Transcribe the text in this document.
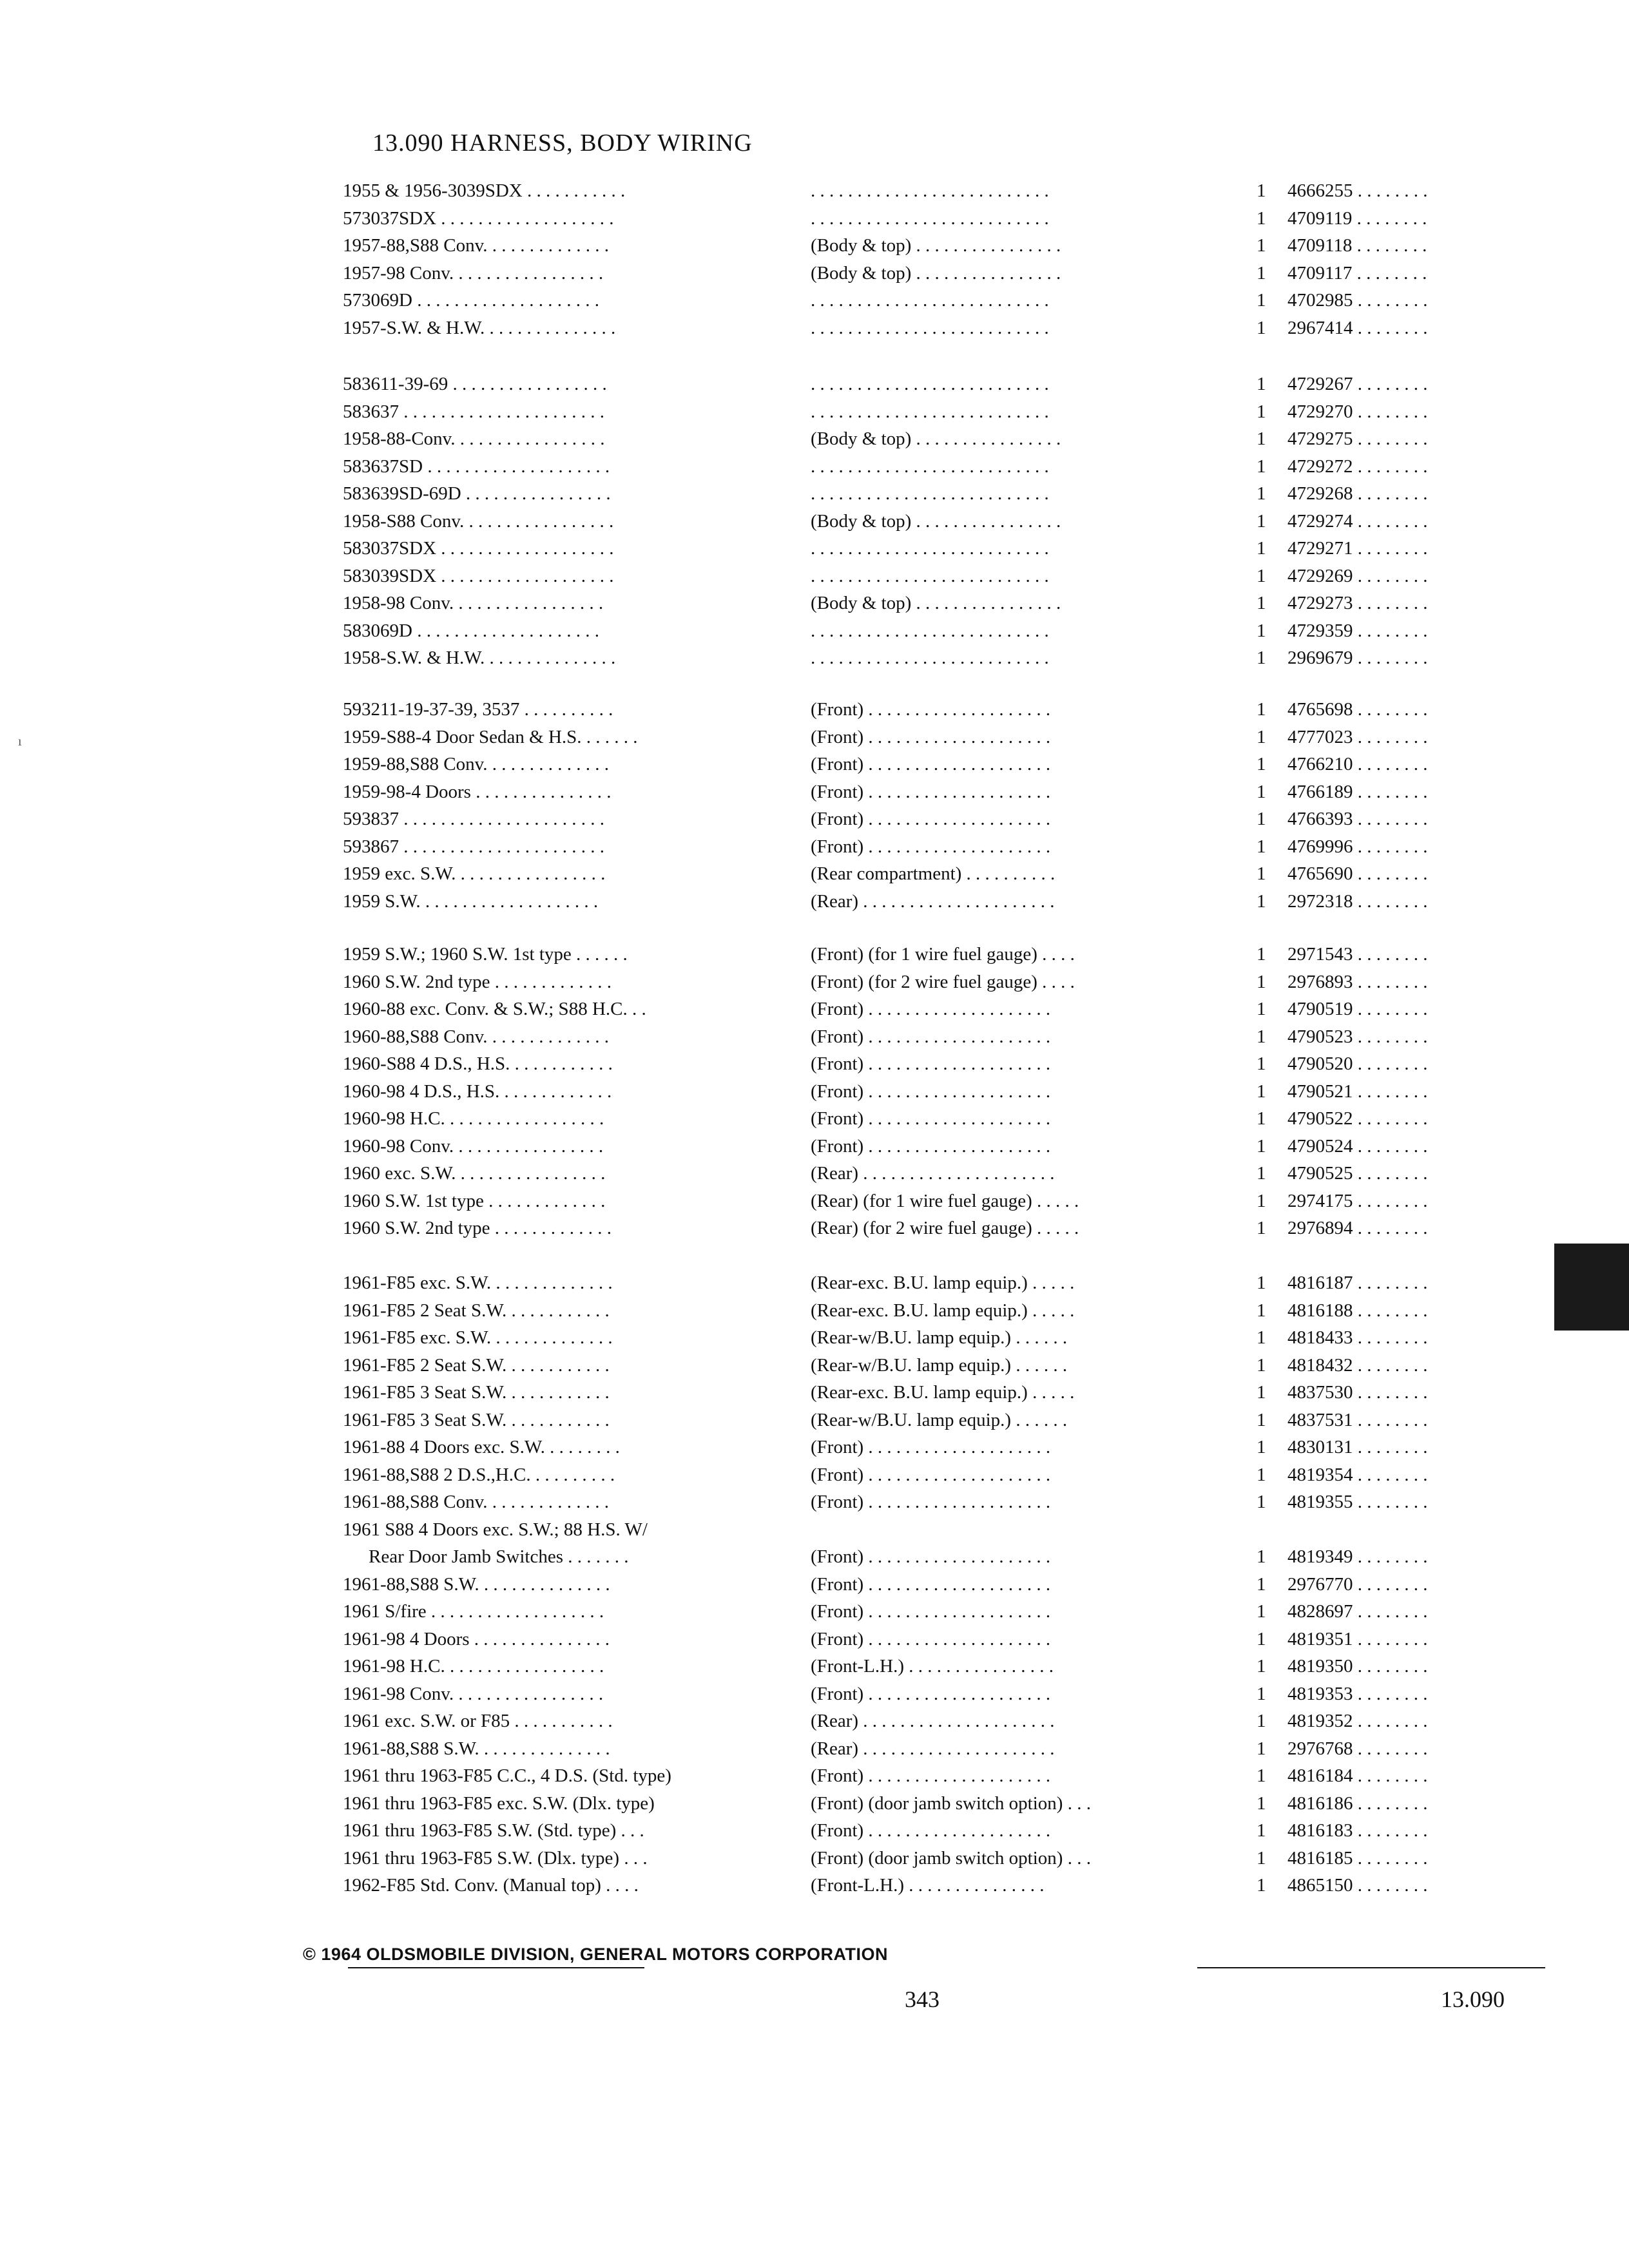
13.090 HARNESS, BODY WIRING
1955 & 1956-3039SDX . . . . . . . . . . .	. . . . . . . . . . . . . . . . . . . . . . . . . .	1	4666255 . . . . . . . .
573037SDX . . . . . . . . . . . . . . . . . . .	. . . . . . . . . . . . . . . . . . . . . . . . . .	1	4709119 . . . . . . . .
1957-88,S88 Conv. . . . . . . . . . . . . .	(Body & top) . . . . . . . . . . . . . . . .	1	4709118 . . . . . . . .
1957-98 Conv. . . . . . . . . . . . . . . . .	(Body & top) . . . . . . . . . . . . . . . .	1	4709117 . . . . . . . .
573069D . . . . . . . . . . . . . . . . . . . .	. . . . . . . . . . . . . . . . . . . . . . . . . .	1	4702985 . . . . . . . .
1957-S.W. & H.W. . . . . . . . . . . . . . .	. . . . . . . . . . . . . . . . . . . . . . . . . .	1	2967414 . . . . . . . .
583611-39-69 . . . . . . . . . . . . . . . . .	. . . . . . . . . . . . . . . . . . . . . . . . . .	1	4729267 . . . . . . . .
583637 . . . . . . . . . . . . . . . . . . . . . .	. . . . . . . . . . . . . . . . . . . . . . . . . .	1	4729270 . . . . . . . .
1958-88-Conv. . . . . . . . . . . . . . . . .	(Body & top) . . . . . . . . . . . . . . . .	1	4729275 . . . . . . . .
583637SD . . . . . . . . . . . . . . . . . . . .	. . . . . . . . . . . . . . . . . . . . . . . . . .	1	4729272 . . . . . . . .
583639SD-69D . . . . . . . . . . . . . . . .	. . . . . . . . . . . . . . . . . . . . . . . . . .	1	4729268 . . . . . . . .
1958-S88 Conv. . . . . . . . . . . . . . . . .	(Body & top) . . . . . . . . . . . . . . . .	1	4729274 . . . . . . . .
583037SDX . . . . . . . . . . . . . . . . . . .	. . . . . . . . . . . . . . . . . . . . . . . . . .	1	4729271 . . . . . . . .
583039SDX . . . . . . . . . . . . . . . . . . .	. . . . . . . . . . . . . . . . . . . . . . . . . .	1	4729269 . . . . . . . .
1958-98 Conv. . . . . . . . . . . . . . . . .	(Body & top) . . . . . . . . . . . . . . . .	1	4729273 . . . . . . . .
583069D . . . . . . . . . . . . . . . . . . . .	. . . . . . . . . . . . . . . . . . . . . . . . . .	1	4729359 . . . . . . . .
1958-S.W. & H.W. . . . . . . . . . . . . . .	. . . . . . . . . . . . . . . . . . . . . . . . . .	1	2969679 . . . . . . . .
593211-19-37-39, 3537 . . . . . . . . . .	(Front) . . . . . . . . . . . . . . . . . . . .	1	4765698 . . . . . . . .
1959-S88-4 Door Sedan & H.S. . . . . . .	(Front) . . . . . . . . . . . . . . . . . . . .	1	4777023 . . . . . . . .
1959-88,S88 Conv. . . . . . . . . . . . . .	(Front) . . . . . . . . . . . . . . . . . . . .	1	4766210 . . . . . . . .
1959-98-4 Doors . . . . . . . . . . . . . . .	(Front) . . . . . . . . . . . . . . . . . . . .	1	4766189 . . . . . . . .
593837 . . . . . . . . . . . . . . . . . . . . . .	(Front) . . . . . . . . . . . . . . . . . . . .	1	4766393 . . . . . . . .
593867 . . . . . . . . . . . . . . . . . . . . . .	(Front) . . . . . . . . . . . . . . . . . . . .	1	4769996 . . . . . . . .
1959 exc. S.W. . . . . . . . . . . . . . . . .	(Rear compartment) . . . . . . . . . .	1	4765690 . . . . . . . .
1959 S.W. . . . . . . . . . . . . . . . . . . .	(Rear) . . . . . . . . . . . . . . . . . . . . .	1	2972318 . . . . . . . .
1959 S.W.; 1960 S.W. 1st type . . . . . .	(Front) (for 1 wire fuel gauge) . . . .	1	2971543 . . . . . . . .
1960 S.W. 2nd type . . . . . . . . . . . . .	(Front) (for 2 wire fuel gauge) . . . .	1	2976893 . . . . . . . .
1960-88 exc. Conv. & S.W.; S88 H.C. . .	(Front) . . . . . . . . . . . . . . . . . . . .	1	4790519 . . . . . . . .
1960-88,S88 Conv. . . . . . . . . . . . . .	(Front) . . . . . . . . . . . . . . . . . . . .	1	4790523 . . . . . . . .
1960-S88 4 D.S., H.S. . . . . . . . . . . .	(Front) . . . . . . . . . . . . . . . . . . . .	1	4790520 . . . . . . . .
1960-98 4 D.S., H.S. . . . . . . . . . . . .	(Front) . . . . . . . . . . . . . . . . . . . .	1	4790521 . . . . . . . .
1960-98 H.C. . . . . . . . . . . . . . . . . .	(Front) . . . . . . . . . . . . . . . . . . . .	1	4790522 . . . . . . . .
1960-98 Conv. . . . . . . . . . . . . . . . .	(Front) . . . . . . . . . . . . . . . . . . . .	1	4790524 . . . . . . . .
1960 exc. S.W. . . . . . . . . . . . . . . . .	(Rear) . . . . . . . . . . . . . . . . . . . . .	1	4790525 . . . . . . . .
1960 S.W. 1st type . . . . . . . . . . . . .	(Rear) (for 1 wire fuel gauge) . . . . .	1	2974175 . . . . . . . .
1960 S.W. 2nd type . . . . . . . . . . . . .	(Rear) (for 2 wire fuel gauge) . . . . .	1	2976894 . . . . . . . .
1961-F85 exc. S.W. . . . . . . . . . . . . .	(Rear-exc. B.U. lamp equip.) . . . . .	1	4816187 . . . . . . . .
1961-F85 2 Seat S.W. . . . . . . . . . . .	(Rear-exc. B.U. lamp equip.) . . . . .	1	4816188 . . . . . . . .
1961-F85 exc. S.W. . . . . . . . . . . . . .	(Rear-w/B.U. lamp equip.) . . . . . .	1	4818433 . . . . . . . .
1961-F85 2 Seat S.W. . . . . . . . . . . .	(Rear-w/B.U. lamp equip.) . . . . . .	1	4818432 . . . . . . . .
1961-F85 3 Seat S.W. . . . . . . . . . . .	(Rear-exc. B.U. lamp equip.) . . . . .	1	4837530 . . . . . . . .
1961-F85 3 Seat S.W. . . . . . . . . . . .	(Rear-w/B.U. lamp equip.) . . . . . .	1	4837531 . . . . . . . .
1961-88 4 Doors exc. S.W. . . . . . . . .	(Front) . . . . . . . . . . . . . . . . . . . .	1	4830131 . . . . . . . .
1961-88,S88 2 D.S.,H.C. . . . . . . . . .	(Front) . . . . . . . . . . . . . . . . . . . .	1	4819354 . . . . . . . .
1961-88,S88 Conv. . . . . . . . . . . . . .	(Front) . . . . . . . . . . . . . . . . . . . .	1	4819355 . . . . . . . .
1961 S88 4 Doors exc. S.W.; 88 H.S. W/
Rear Door Jamb Switches . . . . . . .	(Front) . . . . . . . . . . . . . . . . . . . .	1	4819349 . . . . . . . .
1961-88,S88 S.W. . . . . . . . . . . . . . .	(Front) . . . . . . . . . . . . . . . . . . . .	1	2976770 . . . . . . . .
1961 S/fire . . . . . . . . . . . . . . . . . . .	(Front) . . . . . . . . . . . . . . . . . . . .	1	4828697 . . . . . . . .
1961-98 4 Doors . . . . . . . . . . . . . . .	(Front) . . . . . . . . . . . . . . . . . . . .	1	4819351 . . . . . . . .
1961-98 H.C. . . . . . . . . . . . . . . . . .	(Front-L.H.) . . . . . . . . . . . . . . . .	1	4819350 . . . . . . . .
1961-98 Conv. . . . . . . . . . . . . . . . .	(Front) . . . . . . . . . . . . . . . . . . . .	1	4819353 . . . . . . . .
1961 exc. S.W. or F85 . . . . . . . . . . .	(Rear) . . . . . . . . . . . . . . . . . . . . .	1	4819352 . . . . . . . .
1961-88,S88 S.W. . . . . . . . . . . . . . .	(Rear) . . . . . . . . . . . . . . . . . . . . .	1	2976768 . . . . . . . .
1961 thru 1963-F85 C.C., 4 D.S. (Std. type)	(Front) . . . . . . . . . . . . . . . . . . . .	1	4816184 . . . . . . . .
1961 thru 1963-F85 exc. S.W. (Dlx. type)	(Front) (door jamb switch option) . . .	1	4816186 . . . . . . . .
1961 thru 1963-F85 S.W. (Std. type) . . .	(Front) . . . . . . . . . . . . . . . . . . . .	1	4816183 . . . . . . . .
1961 thru 1963-F85 S.W. (Dlx. type) . . .	(Front) (door jamb switch option) . . .	1	4816185 . . . . . . . .
1962-F85 Std. Conv. (Manual top) . . . .	(Front-L.H.) . . . . . . . . . . . . . . .	1	4865150 . . . . . . . .
© 1964 OLDSMOBILE DIVISION, GENERAL MOTORS CORPORATION
343	13.090
ı
